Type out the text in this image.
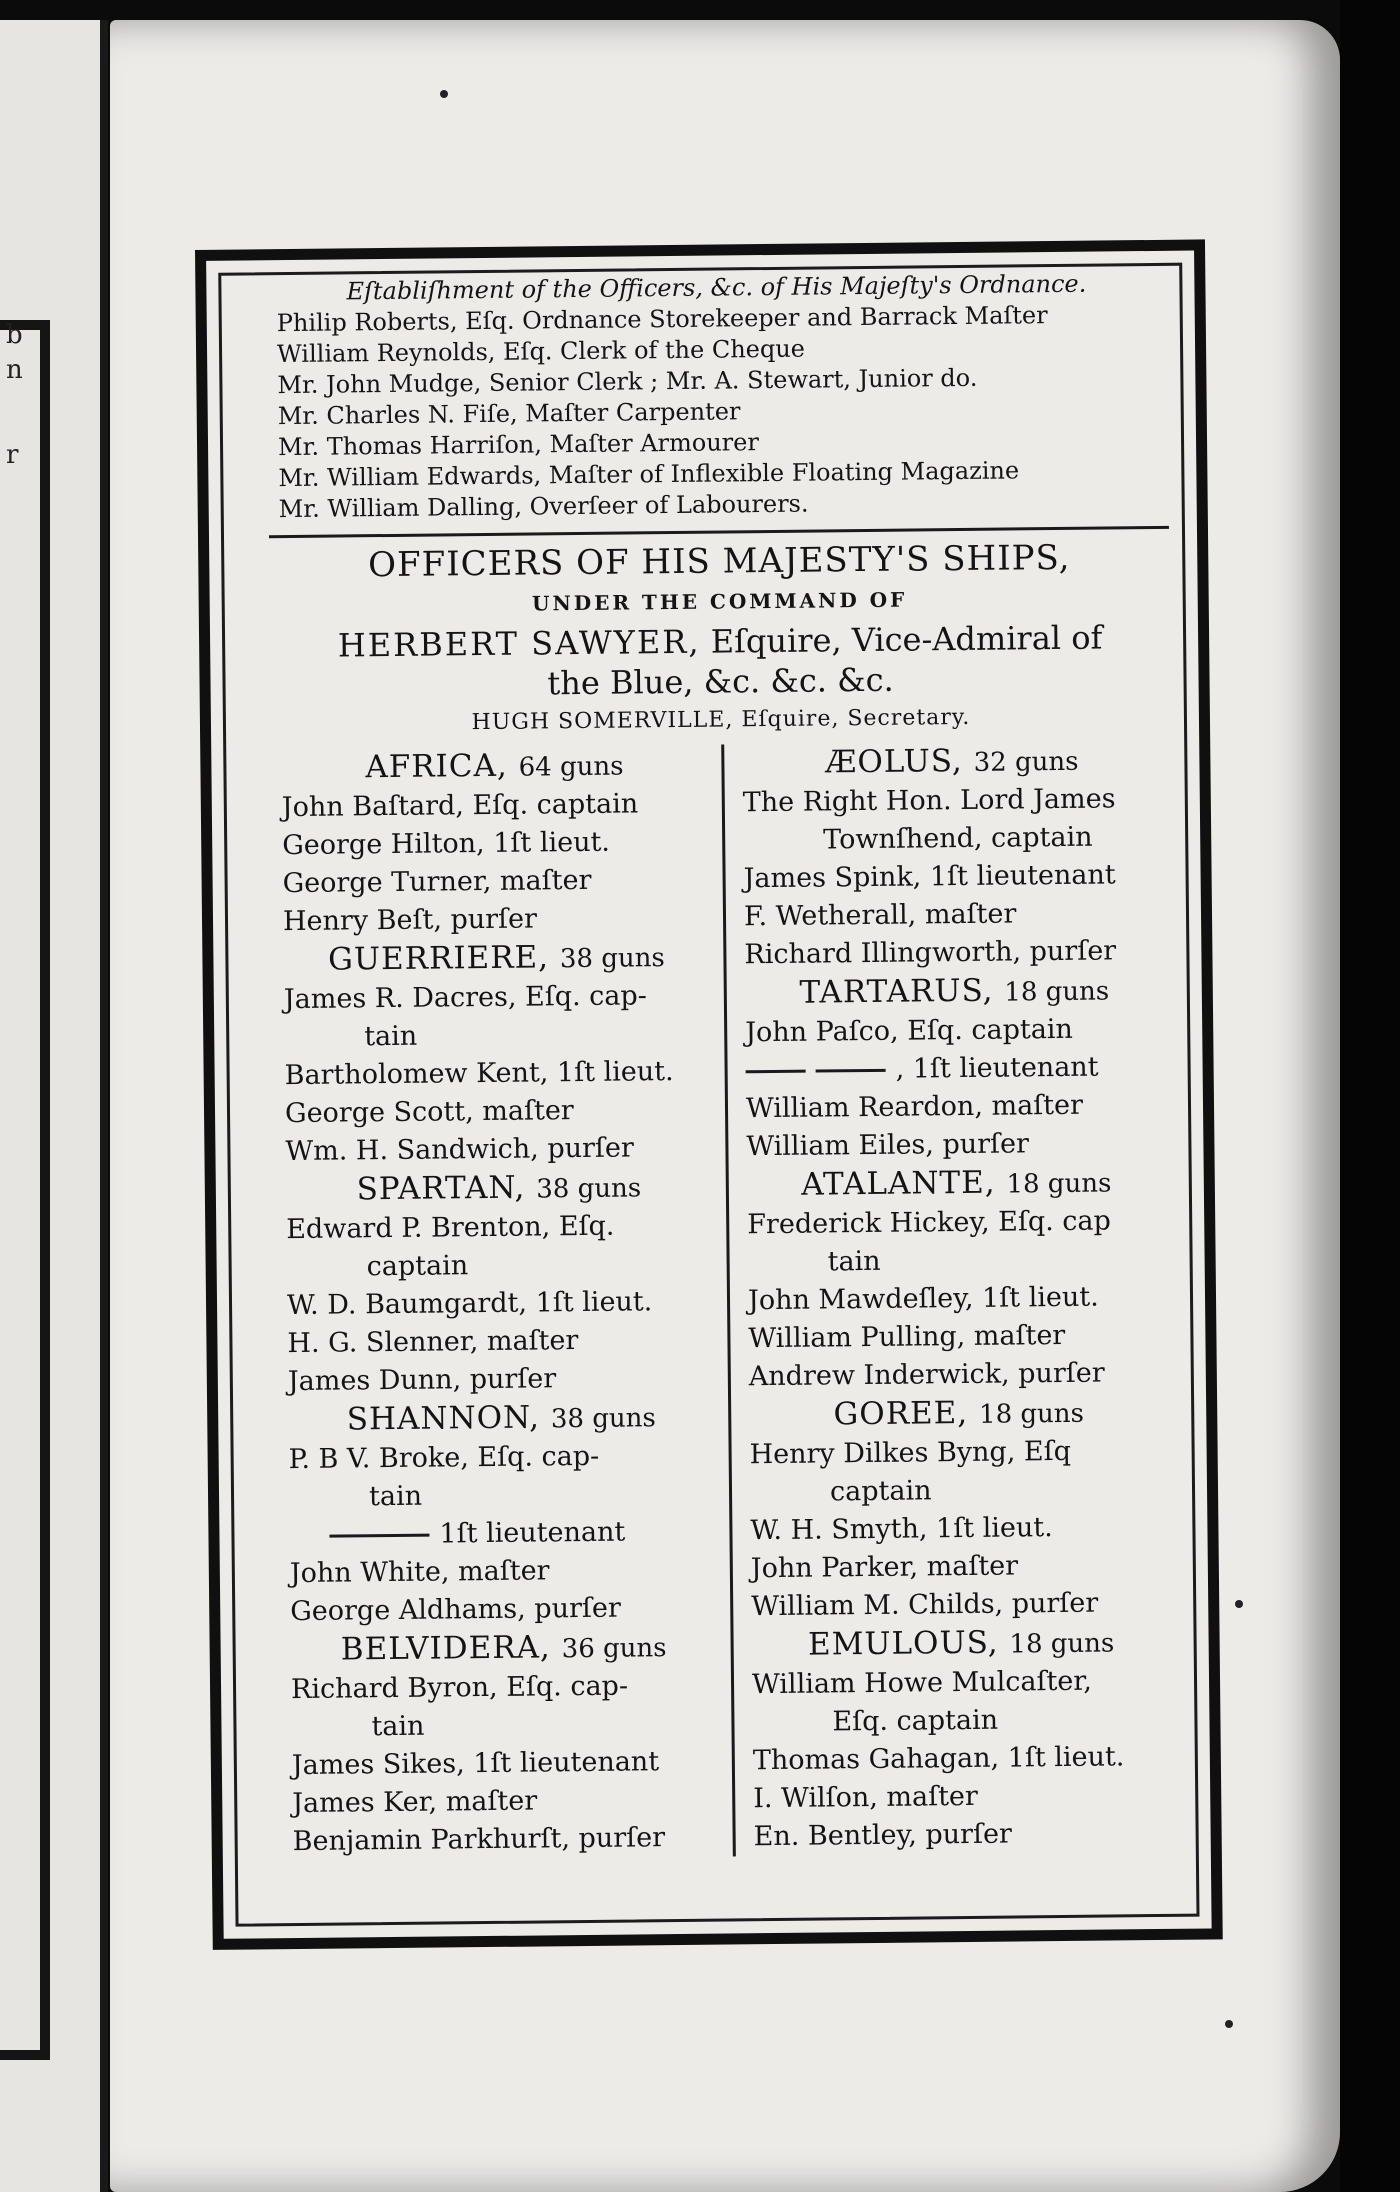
b
n
r

Eſtabliſhment of the Officers, &c. of His Majeſty's Ordnance.

Philip Roberts, Eſq. Ordnance Storekeeper and Barrack Maſter

William Reynolds, Eſq. Clerk of the Cheque

Mr. John Mudge, Senior Clerk ; Mr. A. Stewart, Junior do.

Mr. Charles N. Fiſe, Maſter Carpenter

Mr. Thomas Harriſon, Maſter Armourer

Mr. William Edwards, Maſter of Inflexible Floating Magazine

Mr. William Dalling, Overſeer of Labourers.

OFFICERS OF HIS MAJESTY'S SHIPS,

UNDER THE COMMAND OF

HERBERT SAWYER, Eſquire, Vice-Admiral of

the Blue, &c. &c. &c.

HUGH SOMERVILLE, Eſquire, Secretary.

AFRICA, 64 guns

John Baſtard, Eſq. captain

George Hilton, 1ſt lieut.

George Turner, maſter

Henry Beſt, purſer

GUERRIERE, 38 guns

James R. Dacres, Eſq. cap-

tain

Bartholomew Kent, 1ſt lieut.

George Scott, maſter

Wm. H. Sandwich, purſer

SPARTAN, 38 guns

Edward P. Brenton, Eſq.

captain

W. D. Baumgardt, 1ſt lieut.

H. G. Slenner, maſter

James Dunn, purſer

SHANNON, 38 guns

P. B V. Broke, Eſq. cap-

tain

1ſt lieutenant

John White, maſter

George Aldhams, purſer

BELVIDERA, 36 guns

Richard Byron, Eſq. cap-

tain

James Sikes, 1ſt lieutenant

James Ker, maſter

Benjamin Parkhurſt, purſer

ÆOLUS, 32 guns

The Right Hon. Lord James

Townſhend, captain

James Spink, 1ſt lieutenant

F. Wetherall, maſter

Richard Illingworth, purſer

TARTARUS, 18 guns

John Paſco, Eſq. captain

, 1ſt lieutenant

William Reardon, maſter

William Eiles, purſer

ATALANTE, 18 guns

Frederick Hickey, Eſq. cap

tain

John Mawdeſley, 1ſt lieut.

William Pulling, maſter

Andrew Inderwick, purſer

GOREE, 18 guns

Henry Dilkes Byng, Eſq

captain

W. H. Smyth, 1ſt lieut.

John Parker, maſter

William M. Childs, purſer

EMULOUS, 18 guns

William Howe Mulcaſter,

Eſq. captain

Thomas Gahagan, 1ſt lieut.

I. Wilſon, maſter

En. Bentley, purſer
